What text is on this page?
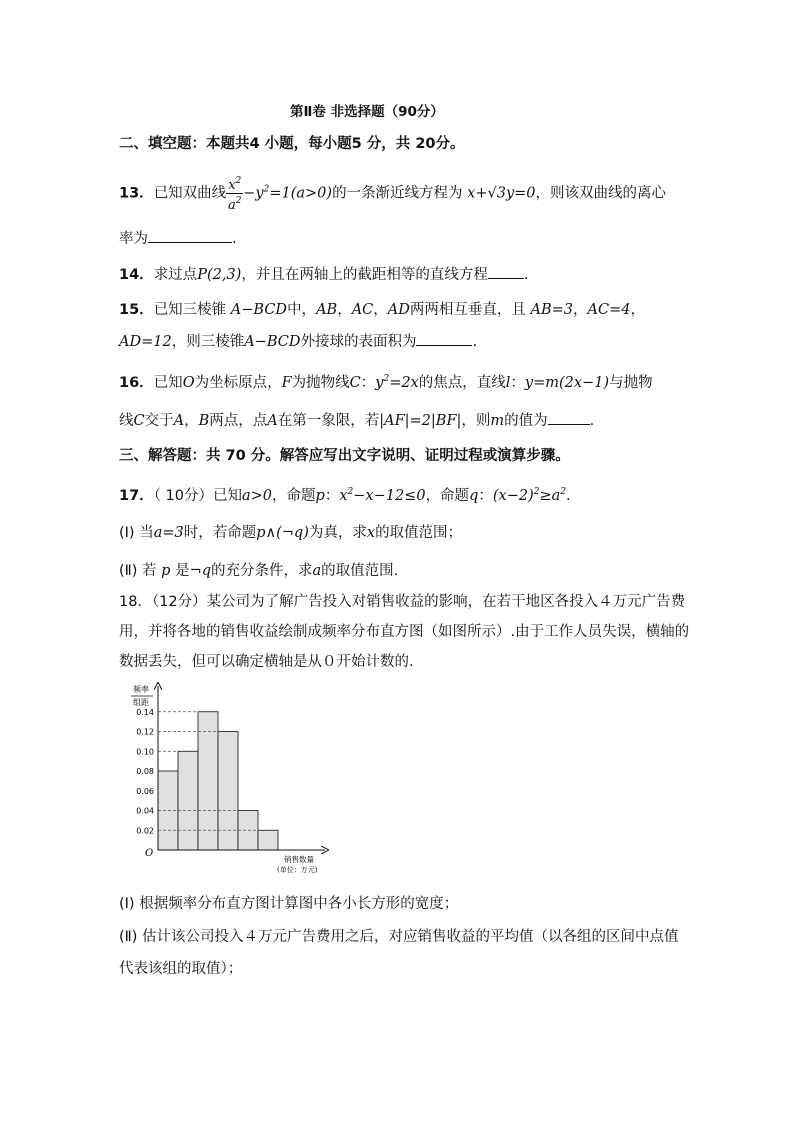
第Ⅱ卷 非选择题（90分）
二、填空题：本题共4 小题，每小题5 分，共 20分。
13．已知双曲线 $\frac{x^2}{a^2} -y^2=1(a>0)$的一条渐近线方程为 x+√3y=0，则该双曲线的离心
率为	.
14．求过点P(2,3)，并且在两轴上的截距相等的直线方程 ．
15．已知三棱锥 A−BCD中，AB，AC，AD两两相互垂直，且 AB=3，AC=4，
AD=12，则三棱锥A−BCD外接球的表面积为	.
16．已知O为坐标原点，F为抛物线C：$y^2=2x$的焦点，直线l：y=m(2x−1)与抛物
线C交于A，B两点，点A在第一象限，若|AF|=2|BF|，则m的值为	.
三、解答题：共 70 分。解答应写出文字说明、证明过程或演算步骤。
17．（ 10分）已知a>0，命题p：$x^2-x-12\le 0$，命题q：$(x-2)^2\ge a^2$.
(Ⅰ) 当a=3时，若命题p∧(¬q)为真，求x的取值范围；
(Ⅱ) 若 p 是¬q的充分条件，求a的取值范围.
18．（12分）某公司为了解广告投入对销售收益的影响，在若干地区各投入４万元广告费
用，并将各地的销售收益绘制成频率分布直方图（如图所示）.由于工作人员失误，横轴的
数据丢失，但可以确定横轴是从０开始计数的.
0.02
0.04
0.06
0.08
0.10
0.12
0.14
频率
组距
O
销售数量
(单位：万元)
(Ⅰ) 根据频率分布直方图计算图中各小长方形的宽度；
(Ⅱ) 估计该公司投入４万元广告费用之后，对应销售收益的平均值（以各组的区间中点值
代表该组的取值）；
